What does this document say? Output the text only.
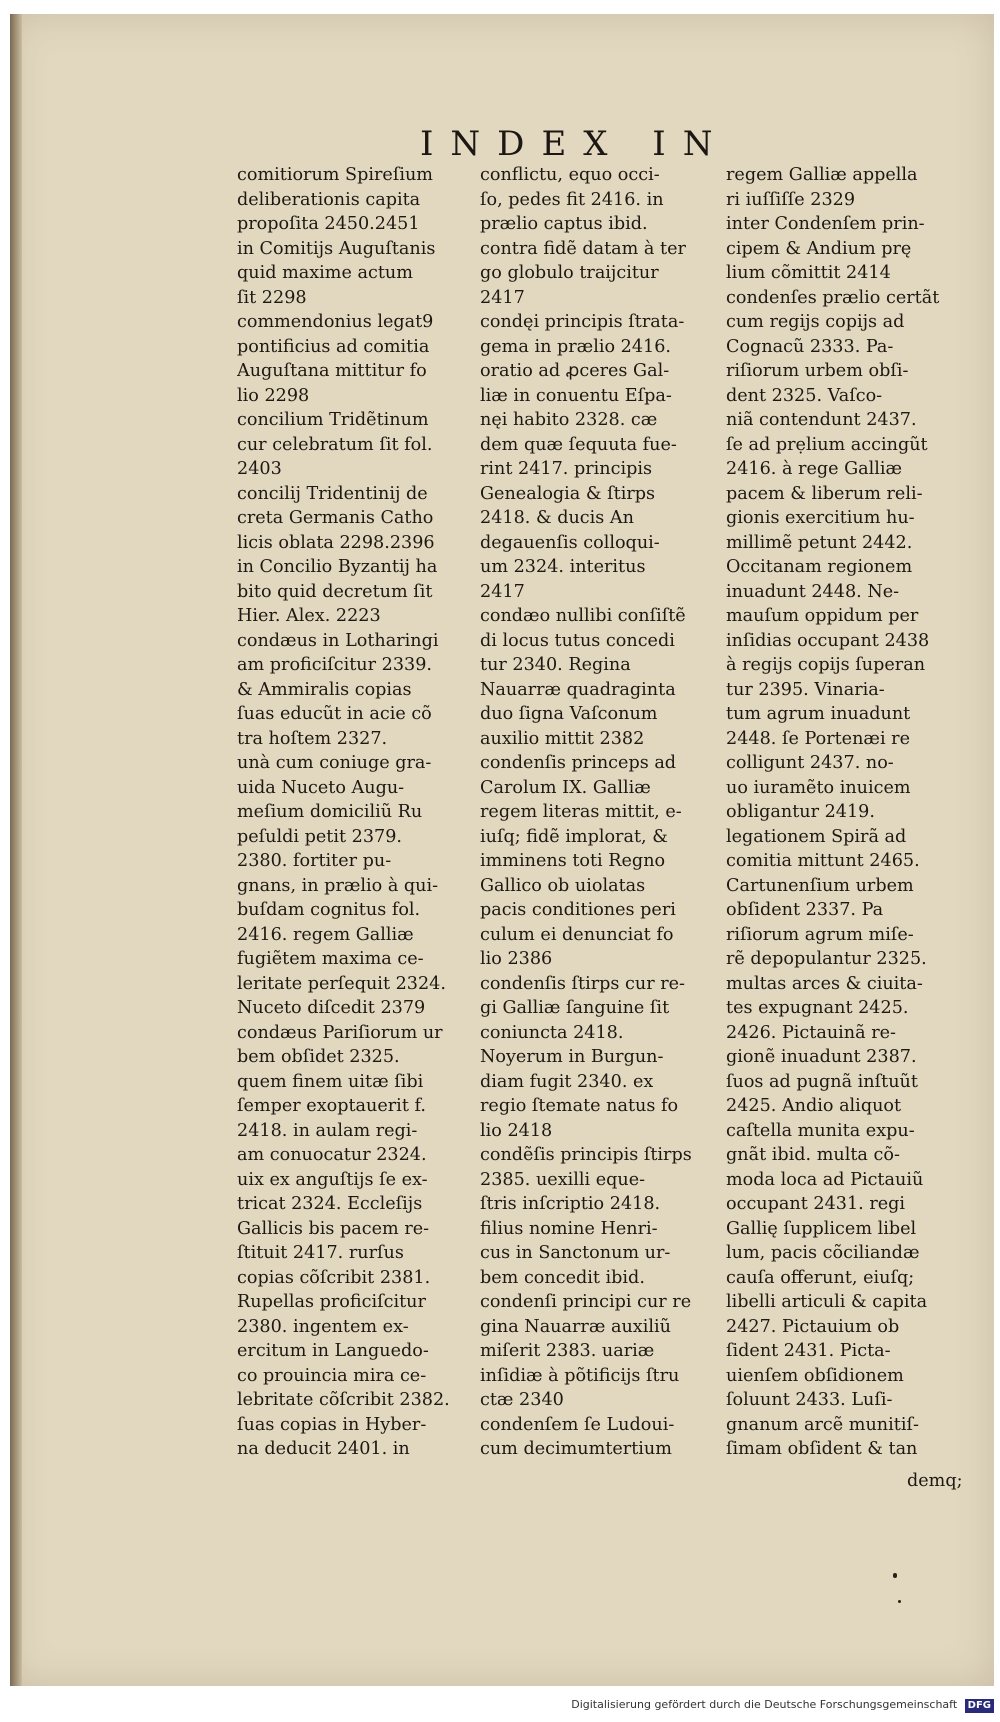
INDEX IN
comitiorum Spireſium
deliberationis capita
propoſita 2450.2451
in Comitijs Auguſtanis
quid maxime actum
ſit 2298
commendonius legat9
pontificius ad comitia
Auguſtana mittitur fo
lio 2298
concilium Tridẽtinum
cur celebratum ſit fol.
2403
concilij Tridentinij de
creta Germanis Catho
licis oblata 2298.2396
in Concilio Byzantij ha
bito quid decretum ſit
Hier. Alex. 2223
condæus in Lotharingi
am proficiſcitur 2339.
& Ammiralis copias
ſuas educũt in acie cõ
tra hoſtem 2327.
unà cum coniuge gra-
uida Nuceto Augu-
meſium domiciliũ Ru
peſuldi petit 2379.
2380. fortiter pu-
gnans, in prælio à qui-
buſdam cognitus fol.
2416. regem Galliæ
fugiẽtem maxima ce-
leritate perſequit 2324.
Nuceto diſcedit 2379
condæus Pariſiorum ur
bem obſidet 2325.
quem finem uitæ ſibi
ſemper exoptauerit f.
2418. in aulam regi-
am conuocatur 2324.
uix ex anguſtijs ſe ex-
tricat 2324. Eccleſijs
Gallicis bis pacem re-
ſtituit 2417. rurſus
copias cõſcribit 2381.
Rupellas proficiſcitur
2380. ingentem ex-
ercitum in Languedo-
co prouincia mira ce-
lebritate cõſcribit 2382.
ſuas copias in Hyber-
na deducit 2401. in
conflictu, equo occi-
ſo, pedes fit 2416. in
prælio captus ibid.
contra fidẽ datam à ter
go globulo traijcitur
2417
condęi principis ſtrata-
gema in prælio 2416.
oratio ad ꝓceres Gal-
liæ in conuentu Eſpa-
nęi habito 2328. cæ
dem quæ ſequuta fue-
rint 2417. principis
Genealogia & ſtirps
2418. & ducis An
degauenſis colloqui-
um 2324. interitus
2417
condæo nullibi conſiſtẽ
di locus tutus concedi
tur 2340. Regina
Nauarræ quadraginta
duo ſigna Vaſconum
auxilio mittit 2382
condenſis princeps ad
Carolum IX. Galliæ
regem literas mittit, e-
iuſq; fidẽ implorat, &
imminens toti Regno
Gallico ob uiolatas
pacis conditiones peri
culum ei denunciat fo
lio 2386
condenſis ſtirps cur re-
gi Galliæ ſanguine ſit
coniuncta 2418.
Noyerum in Burgun-
diam fugit 2340. ex
regio ſtemate natus fo
lio 2418
condẽſis principis ſtirps
2385. uexilli eque-
ſtris inſcriptio 2418.
filius nomine Henri-
cus in Sanctonum ur-
bem concedit ibid.
condenſi principi cur re
gina Nauarræ auxiliũ
miſerit 2383. uariæ
inſidiæ à põtificijs ſtru
ctæ 2340
condenſem ſe Ludoui-
cum decimumtertium
regem Galliæ appella
ri iuſſiſſe 2329
inter Condenſem prin-
cipem & Andium prę
lium cõmittit 2414
condenſes prælio certãt
cum regijs copijs ad
Cognacũ 2333. Pa-
riſiorum urbem obſi-
dent 2325. Vaſco-
niã contendunt 2437.
ſe ad prẹlium accingũt
2416. à rege Galliæ
pacem & liberum reli-
gionis exercitium hu-
millimẽ petunt 2442.
Occitanam regionem
inuadunt 2448. Ne-
mauſum oppidum per
inſidias occupant 2438
à regijs copijs ſuperan
tur 2395. Vinaria-
tum agrum inuadunt
2448. ſe Portenæi re
colligunt 2437. no-
uo iuramẽto inuicem
obligantur 2419.
legationem Spirã ad
comitia mittunt 2465.
Cartunenſium urbem
obſident 2337. Pa
riſiorum agrum miſe-
rẽ depopulantur 2325.
multas arces & ciuita-
tes expugnant 2425.
2426. Pictauinã re-
gionẽ inuadunt 2387.
ſuos ad pugnã inſtuũt
2425. Andio aliquot
caſtella munita expu-
gnãt ibid. multa cõ-
moda loca ad Pictauiũ
occupant 2431. regi
Gallię ſupplicem libel
lum, pacis cõciliandæ
cauſa offerunt, eiuſq;
libelli articuli & capita
2427. Pictauium ob
ſident 2431. Picta-
uienſem obſidionem
ſoluunt 2433. Luſi-
gnanum arcẽ munitiſ-
ſimam obſident & tan
demq;
Digitalisierung gefördert durch die Deutsche Forschungsgemeinschaft DFG
